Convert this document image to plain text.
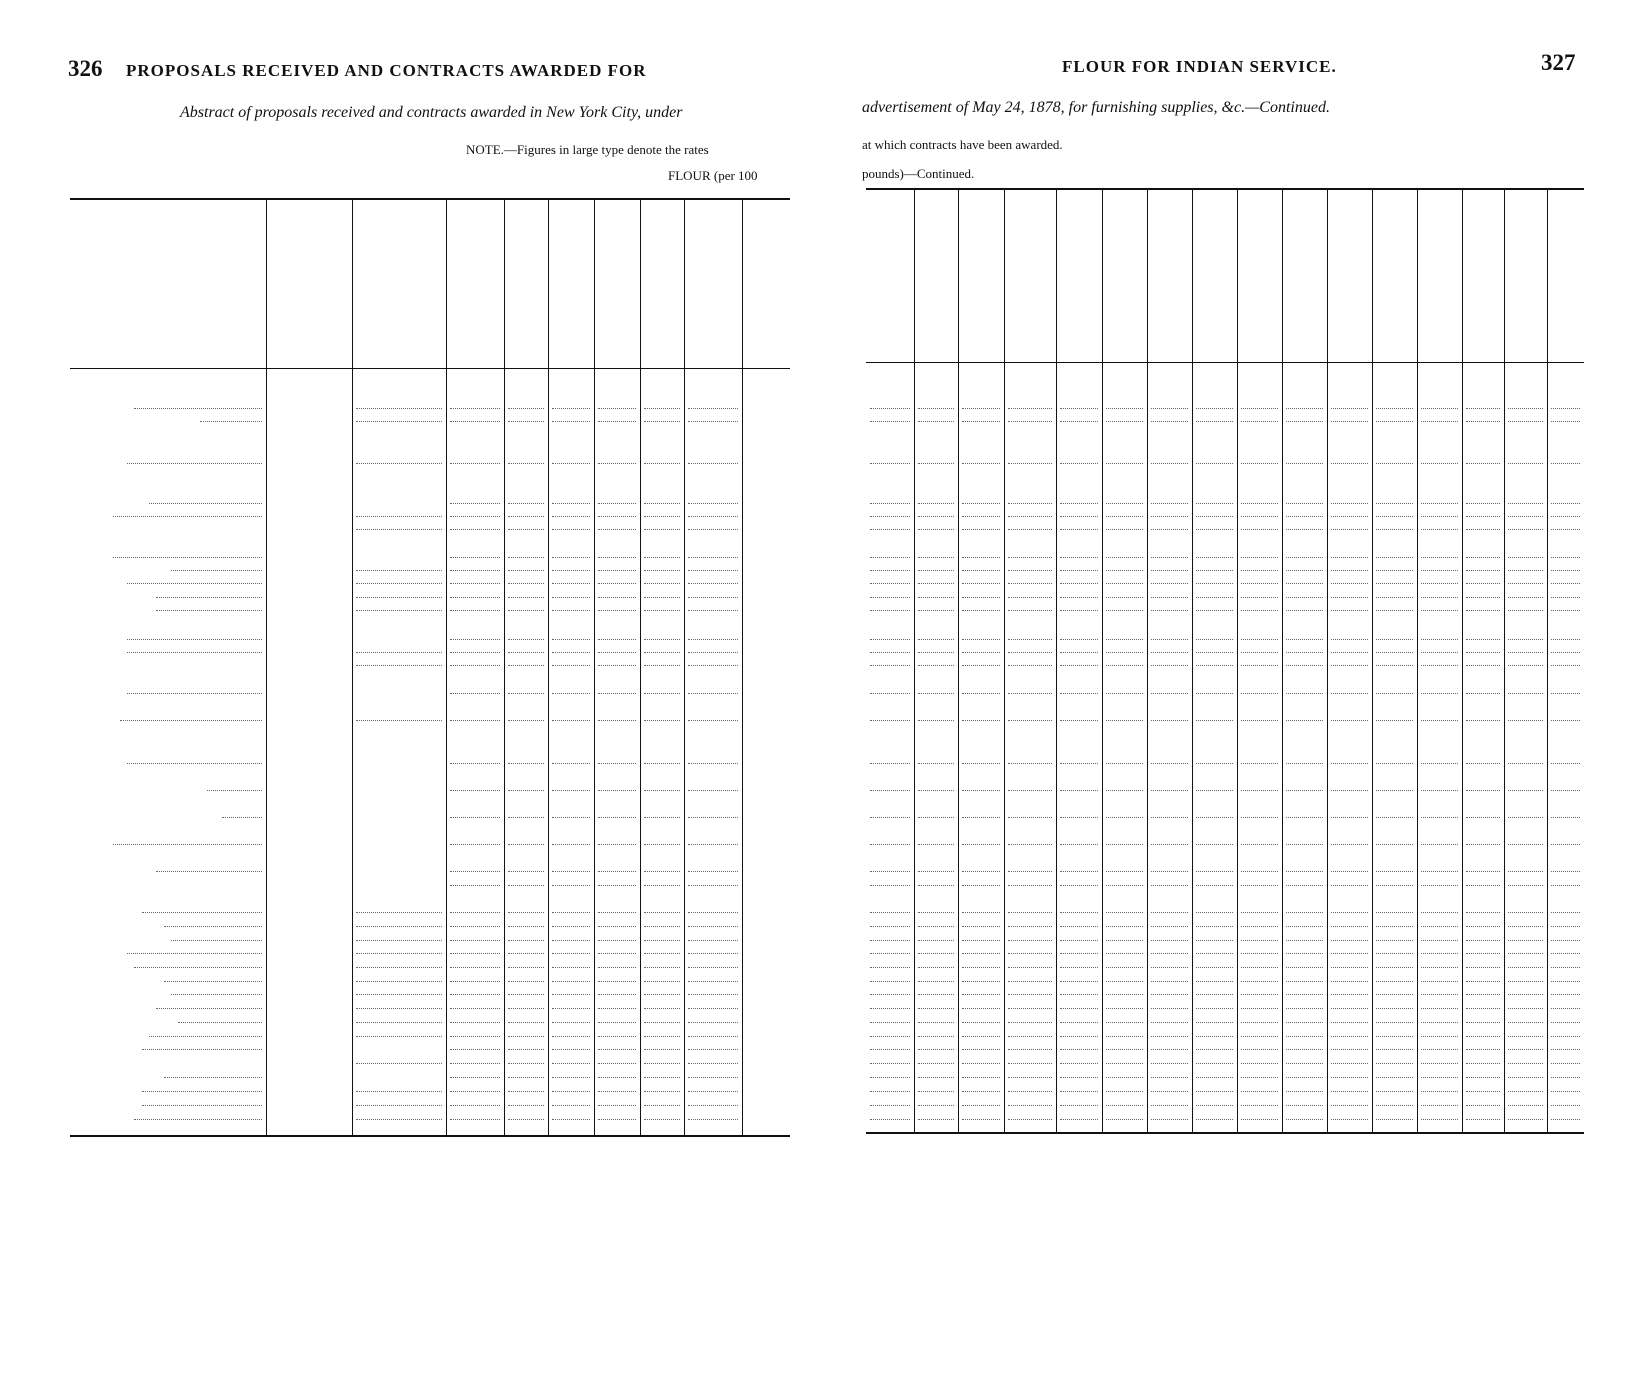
326 PROPOSALS RECEIVED AND CONTRACTS AWARDED FOR
Abstract of proposals received and contracts awarded in New York City, under
NOTE.—Figures in large type denote the rates
FLOUR (per 100
FLOUR FOR INDIAN SERVICE.	327
advertisement of May 24, 1878, for furnishing supplies, &c.—Continued.
at which contracts have been awarded.
pounds)—Continued.
